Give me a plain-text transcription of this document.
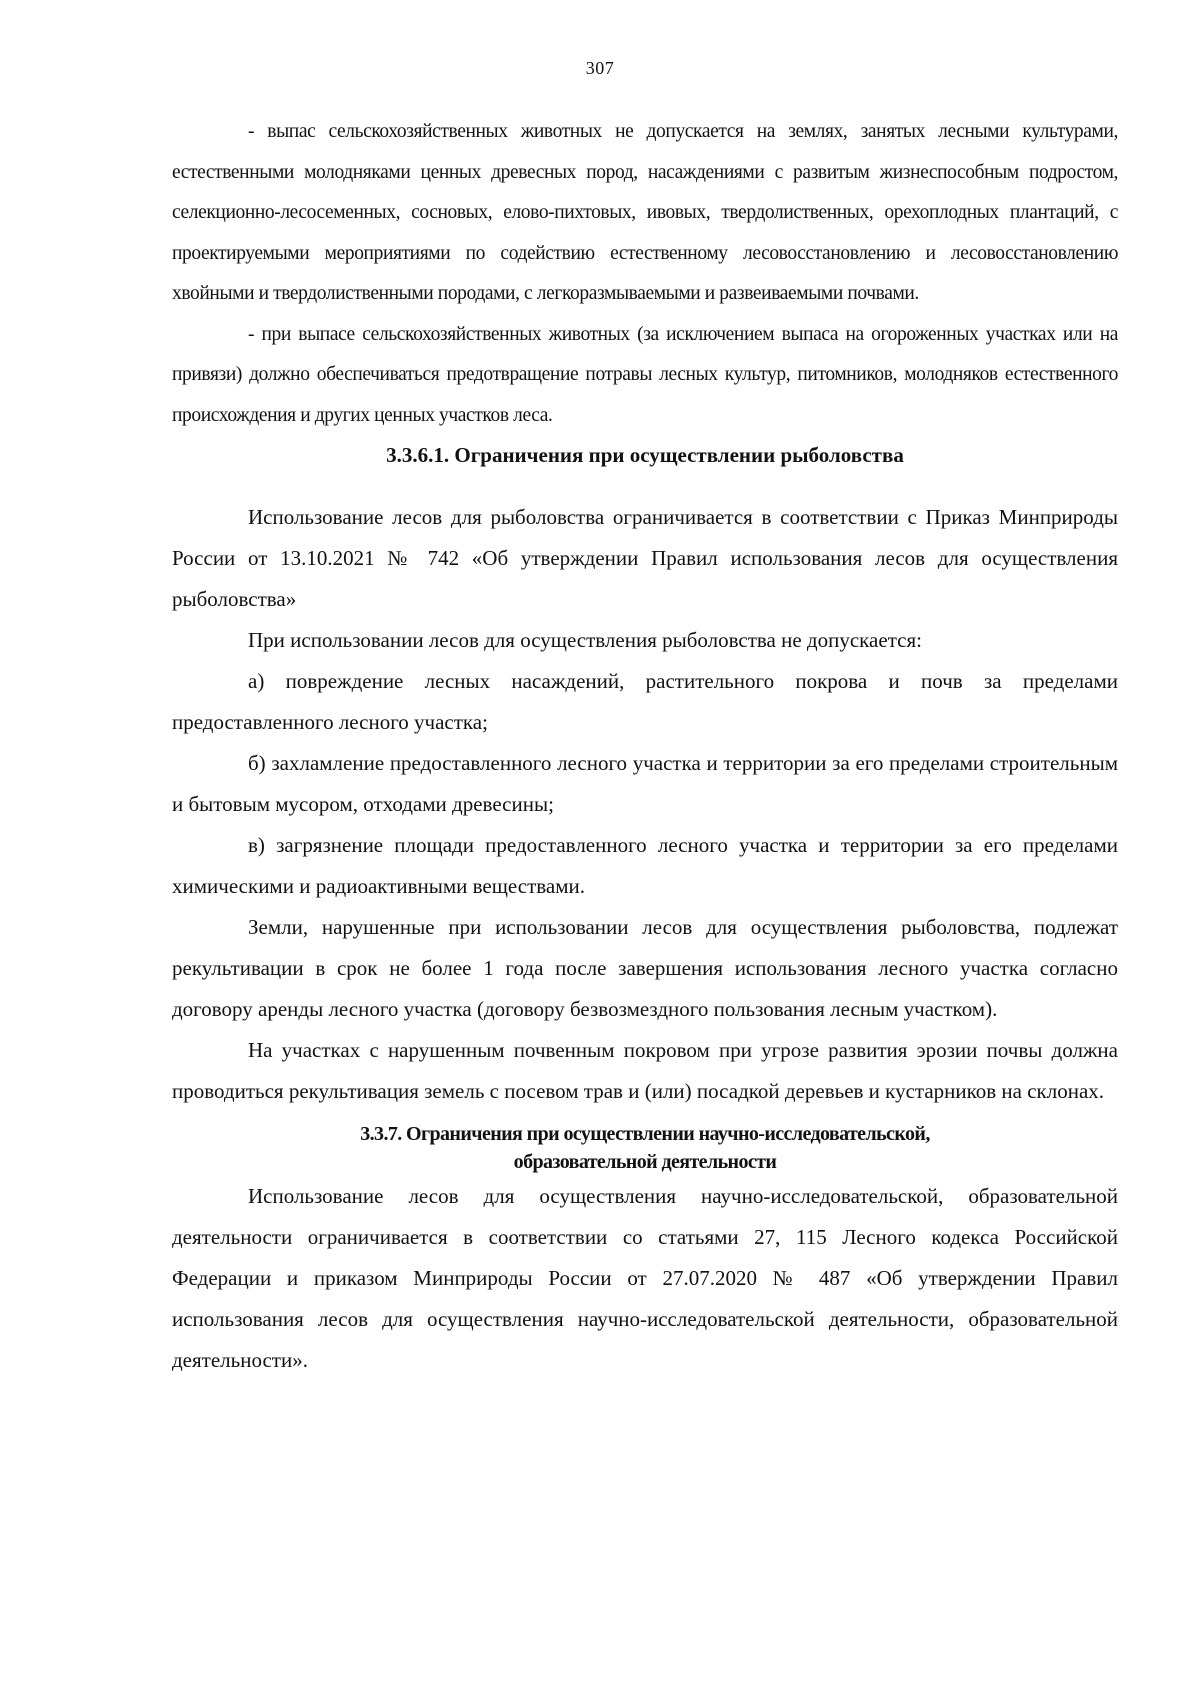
307

- выпас сельскохозяйственных животных не допускается на землях, занятых лесными культурами, естественными молодняками ценных древесных пород, насаждениями с развитым жизнеспособным подростом, селекционно-лесосеменных, сосновых, елово-пихтовых, ивовых, твердолиственных, орехоплодных плантаций, с проектируемыми мероприятиями по содействию естественному лесовосстановлению и лесовосстановлению хвойными и твердолиственными породами, с легкоразмываемыми и развеиваемыми почвами.

- при выпасе сельскохозяйственных животных (за исключением выпаса на огороженных участках или на привязи) должно обеспечиваться предотвращение потравы лесных культур, питомников, молодняков естественного происхождения и других ценных участков леса.

3.3.6.1. Ограничения при осуществлении рыболовства

Использование лесов для рыболовства ограничивается в соответствии с Приказ Минприроды России от 13.10.2021 № 742 «Об утверждении Правил использования лесов для осуществления рыболовства»

При использовании лесов для осуществления рыболовства не допускается:

а) повреждение лесных насаждений, растительного покрова и почв за пределами предоставленного лесного участка;

б) захламление предоставленного лесного участка и территории за его пределами строительным и бытовым мусором, отходами древесины;

в) загрязнение площади предоставленного лесного участка и территории за его пределами химическими и радиоактивными веществами.

Земли, нарушенные при использовании лесов для осуществления рыболовства, подлежат рекультивации в срок не более 1 года после завершения использования лесного участка согласно договору аренды лесного участка (договору безвозмездного пользования лесным участком).

На участках с нарушенным почвенным покровом при угрозе развития эрозии почвы должна проводиться рекультивация земель с посевом трав и (или) посадкой деревьев и кустарников на склонах.

3.3.7. Ограничения при осуществлении научно-исследовательской,
образовательной деятельности

Использование лесов для осуществления научно-исследовательской, образовательной деятельности ограничивается в соответствии со статьями 27, 115 Лесного кодекса Российской Федерации и приказом Минприроды России от 27.07.2020 № 487 «Об утверждении Правил использования лесов для осуществления научно-исследовательской деятельности, образовательной деятельности».
